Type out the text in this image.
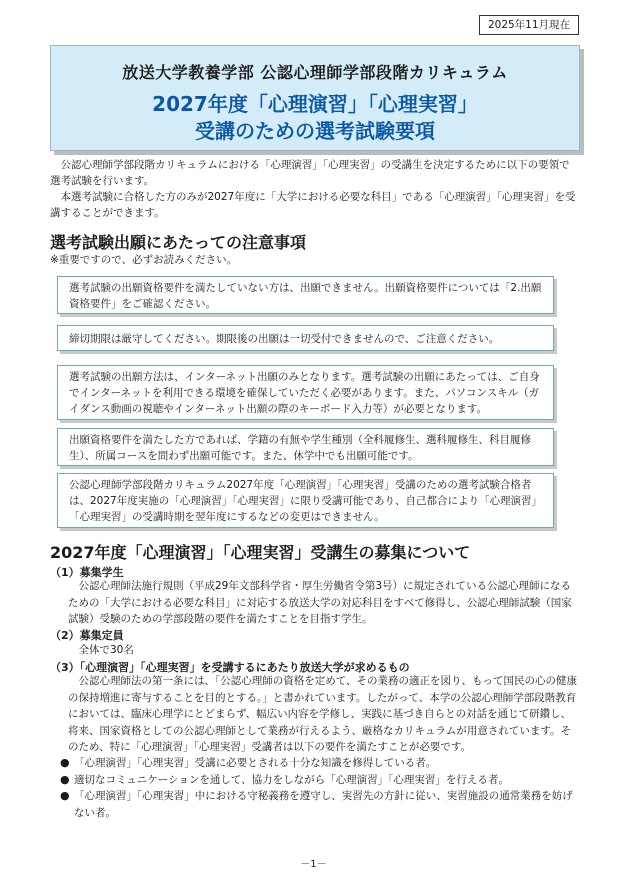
2025年11月現在
放送大学教養学部 公認心理師学部段階カリキュラム
2027年度「心理演習」「心理実習」
受講のための選考試験要項

公認心理師学部段階カリキュラムにおける「心理演習」「心理実習」の受講生を決定するために以下の要領で選考試験を行います。

本選考試験に合格した方のみが2027年度に「大学における必要な科目」である「心理演習」「心理実習」を受講することができます。

選考試験出願にあたっての注意事項
※重要ですので、必ずお読みください。
選考試験の出願資格要件を満たしていない方は、出願できません。出願資格要件については「2.出願資格要件」をご確認ください。
締切期限は厳守してください。期限後の出願は一切受付できませんので、ご注意ください。
選考試験の出願方法は、インターネット出願のみとなります。選考試験の出願にあたっては、ご自身でインターネットを利用できる環境を確保していただく必要があります。また、パソコンスキル（ガイダンス動画の視聴やインターネット出願の際のキーボード入力等）が必要となります。
出願資格要件を満たした方であれば、学籍の有無や学生種別（全科履修生、選科履修生、科目履修生）、所属コースを問わず出願可能です。また、休学中でも出願可能です。
公認心理師学部段階カリキュラム2027年度「心理演習」「心理実習」受講のための選考試験合格者は、2027年度実施の「心理演習」「心理実習」に限り受講可能であり、自己都合により「心理演習」「心理実習」の受講時期を翌年度にするなどの変更はできません。
2027年度「心理演習」「心理実習」受講生の募集について
（1）募集学生

公認心理師法施行規則（平成29年文部科学省・厚生労働省令第3号）に規定されている公認心理師になるための「大学における必要な科目」に対応する放送大学の対応科目をすべて修得し、公認心理師試験（国家試験）受験のための学部段階の要件を満たすことを目指す学生。

（2）募集定員

全体で30名

（3）「心理演習」「心理実習」を受講するにあたり放送大学が求めるもの

公認心理師法の第一条には、「公認心理師の資格を定めて、その業務の適正を図り、もって国民の心の健康の保持増進に寄与することを目的とする。」と書かれています。したがって、本学の公認心理師学部段階教育においては、臨床心理学にとどまらず、幅広い内容を学修し、実践に基づき自らとの対話を通じて研鑽し、将来、国家資格としての公認心理師として業務が行えるよう、厳格なカリキュラムが用意されています。そのため、特に「心理演習」「心理実習」受講者は以下の要件を満たすことが必要です。

● 「心理演習」「心理実習」受講に必要とされる十分な知識を修得している者。
● 適切なコミュニケーションを通して、協力をしながら「心理演習」「心理実習」を行える者。
● 「心理演習」「心理実習」中における守秘義務を遵守し、実習先の方針に従い、実習施設の通常業務を妨げない者。
－1－
